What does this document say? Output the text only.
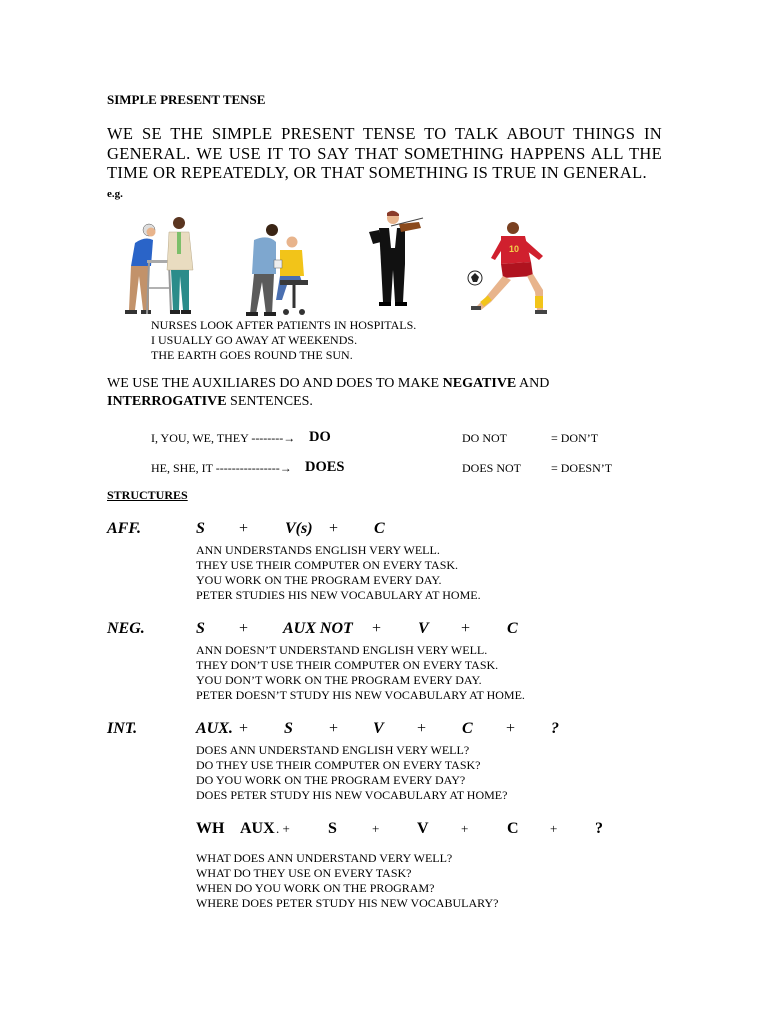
SIMPLE PRESENT TENSE
WE SE THE SIMPLE PRESENT TENSE TO TALK ABOUT THINGS IN GENERAL. WE USE IT TO SAY THAT SOMETHING HAPPENS ALL THE TIME OR REPEATEDLY, OR THAT SOMETHING IS TRUE IN GENERAL.
e.g.
10
NURSES LOOK AFTER PATIENTS IN HOSPITALS.
I USUALLY GO AWAY AT WEEKENDS.
THE EARTH GOES ROUND THE SUN.
WE USE THE AUXILIARES DO AND DOES TO MAKE NEGATIVE AND
INTERROGATIVE SENTENCES.
I, YOU, WE, THEY --------→ DO	DO NOT	= DON’T
HE, SHE, IT ----------------→ DOES	DOES NOT	= DOESN’T
STRUCTURES
AFF.	S + V(s) + C
ANN UNDERSTANDS ENGLISH VERY WELL.
THEY USE THEIR COMPUTER ON EVERY TASK.
YOU WORK ON THE PROGRAM EVERY DAY.
PETER STUDIES HIS NEW VOCABULARY AT HOME.
NEG.	S + AUX NOT + V + C
ANN DOESN’T UNDERSTAND ENGLISH VERY WELL.
THEY DON’T USE THEIR COMPUTER ON EVERY TASK.
YOU DON’T WORK ON THE PROGRAM EVERY DAY.
PETER DOESN’T STUDY HIS NEW VOCABULARY AT HOME.
INT.	AUX. + S + V + C + ?
DOES ANN UNDERSTAND ENGLISH VERY WELL?
DO THEY USE THEIR COMPUTER ON EVERY TASK?
DO YOU WORK ON THE PROGRAM EVERY DAY?
DOES PETER STUDY HIS NEW VOCABULARY AT HOME?
WH AUX . + S	+ V + C + ?
WHAT DOES ANN UNDERSTAND VERY WELL?
WHAT DO THEY USE ON EVERY TASK?
WHEN DO YOU WORK ON THE PROGRAM?
WHERE DOES PETER STUDY HIS NEW VOCABULARY?
